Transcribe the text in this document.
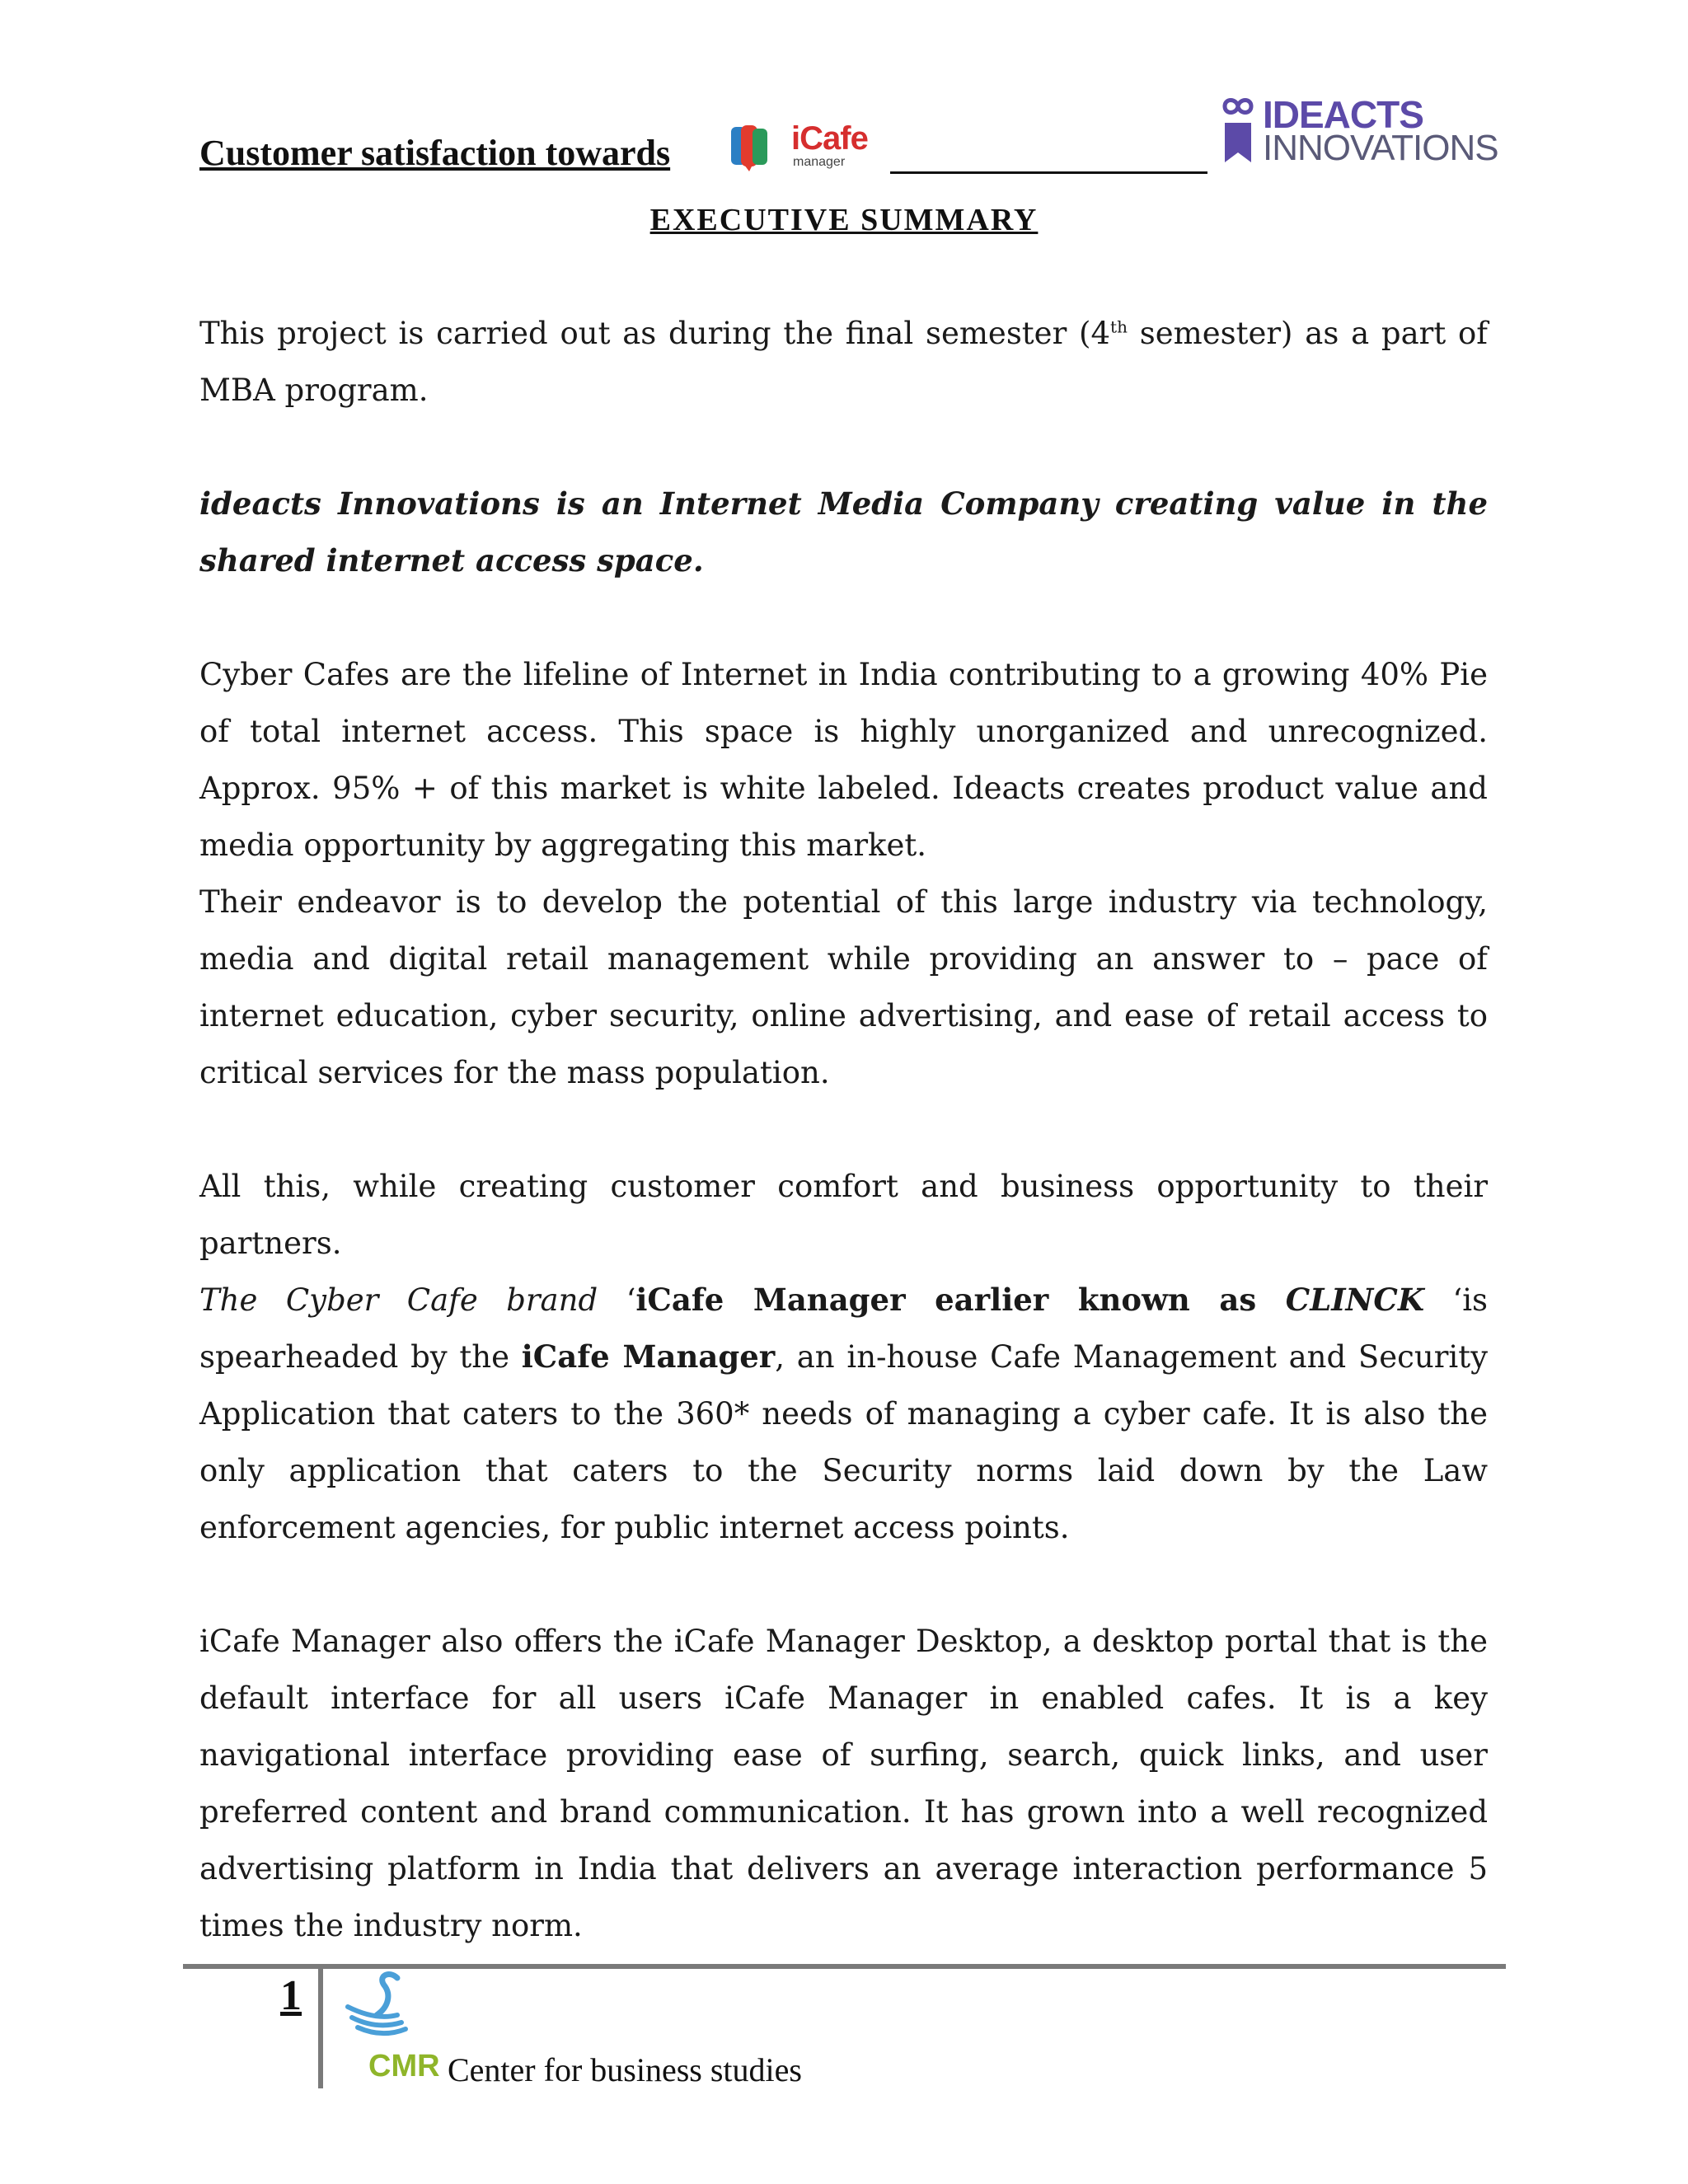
Customer satisfaction towards	iCafe
manager
IDEACTS
INNOVATIONS
EXECUTIVE SUMMARY

This project is carried out as during the final semester (4th semester) as a part of MBA program.

ideacts Innovations is an Internet Media Company creating value in the shared internet access space.

Cyber Cafes are the lifeline of Internet in India contributing to a growing 40% Pie of total internet access. This space is highly unorganized and unrecognized. Approx. 95% + of this market is white labeled. Ideacts creates product value and media opportunity by aggregating this market.

Their endeavor is to develop the potential of this large industry via technology, media and digital retail management while providing an answer to – pace of internet education, cyber security, online advertising, and ease of retail access to critical services for the mass population.

All this, while creating customer comfort and business opportunity to their partners.

The Cyber Cafe brand ‘iCafe Manager earlier known as CLINCK ‘is spearheaded by the iCafe Manager, an in-house Cafe Management and Security Application that caters to the 360* needs of managing a cyber cafe. It is also the only application that caters to the Security norms laid down by the Law enforcement agencies, for public internet access points.

iCafe Manager also offers the iCafe Manager Desktop, a desktop portal that is the default interface for all users iCafe Manager in enabled cafes. It is a key navigational interface providing ease of surfing, search, quick links, and user preferred content and brand communication. It has grown into a well recognized advertising platform in India that delivers an average interaction performance 5 times the industry norm.

1
CMR Center for business studies
